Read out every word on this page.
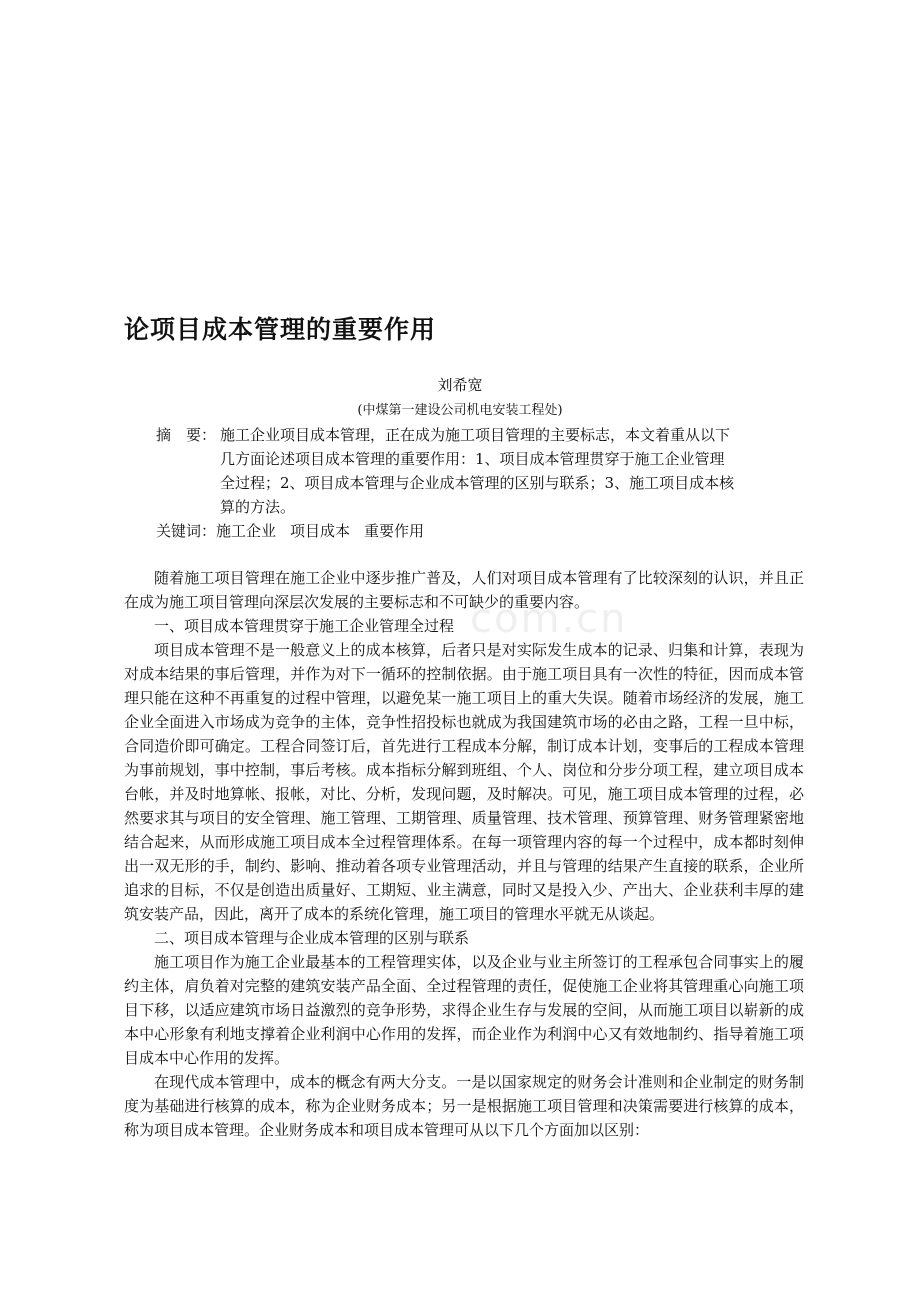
com.cn
论项目成本管理的重要作用
刘希宽
(中煤第一建设公司机电安装工程处)
摘　要： 施工企业项目成本管理，正在成为施工项目管理的主要标志，本文着重从以下
几方面论述项目成本管理的重要作用：1、项目成本管理贯穿于施工企业管理
全过程；2、项目成本管理与企业成本管理的区别与联系；3、施工项目成本核
算的方法。
关键词：施工企业 项目成本 重要作用

随着施工项目管理在施工企业中逐步推广普及，人们对项目成本管理有了比较深刻的认识，并且正在成为施工项目管理向深层次发展的主要标志和不可缺少的重要内容。

一、项目成本管理贯穿于施工企业管理全过程

项目成本管理不是一般意义上的成本核算，后者只是对实际发生成本的记录、归集和计算，表现为对成本结果的事后管理，并作为对下一循环的控制依据。由于施工项目具有一次性的特征，因而成本管理只能在这种不再重复的过程中管理，以避免某一施工项目上的重大失误。随着市场经济的发展，施工企业全面进入市场成为竞争的主体，竞争性招投标也就成为我国建筑市场的必由之路，工程一旦中标，合同造价即可确定。工程合同签订后，首先进行工程成本分解，制订成本计划，变事后的工程成本管理为事前规划，事中控制，事后考核。成本指标分解到班组、个人、岗位和分步分项工程，建立项目成本台帐，并及时地算帐、报帐，对比、分析，发现问题，及时解决。可见，施工项目成本管理的过程，必然要求其与项目的安全管理、施工管理、工期管理、质量管理、技术管理、预算管理、财务管理紧密地结合起来，从而形成施工项目成本全过程管理体系。在每一项管理内容的每一个过程中，成本都时刻伸出一双无形的手，制约、影响、推动着各项专业管理活动，并且与管理的结果产生直接的联系，企业所追求的目标，不仅是创造出质量好、工期短、业主满意，同时又是投入少、产出大、企业获利丰厚的建筑安装产品，因此，离开了成本的系统化管理，施工项目的管理水平就无从谈起。

二、项目成本管理与企业成本管理的区别与联系

施工项目作为施工企业最基本的工程管理实体，以及企业与业主所签订的工程承包合同事实上的履约主体，肩负着对完整的建筑安装产品全面、全过程管理的责任，促使施工企业将其管理重心向施工项目下移，以适应建筑市场日益激烈的竞争形势，求得企业生存与发展的空间，从而施工项目以崭新的成本中心形象有利地支撑着企业利润中心作用的发挥，而企业作为利润中心又有效地制约、指导着施工项目成本中心作用的发挥。

在现代成本管理中，成本的概念有两大分支。一是以国家规定的财务会计准则和企业制定的财务制度为基础进行核算的成本，称为企业财务成本；另一是根据施工项目管理和决策需要进行核算的成本，称为项目成本管理。企业财务成本和项目成本管理可从以下几个方面加以区别：
